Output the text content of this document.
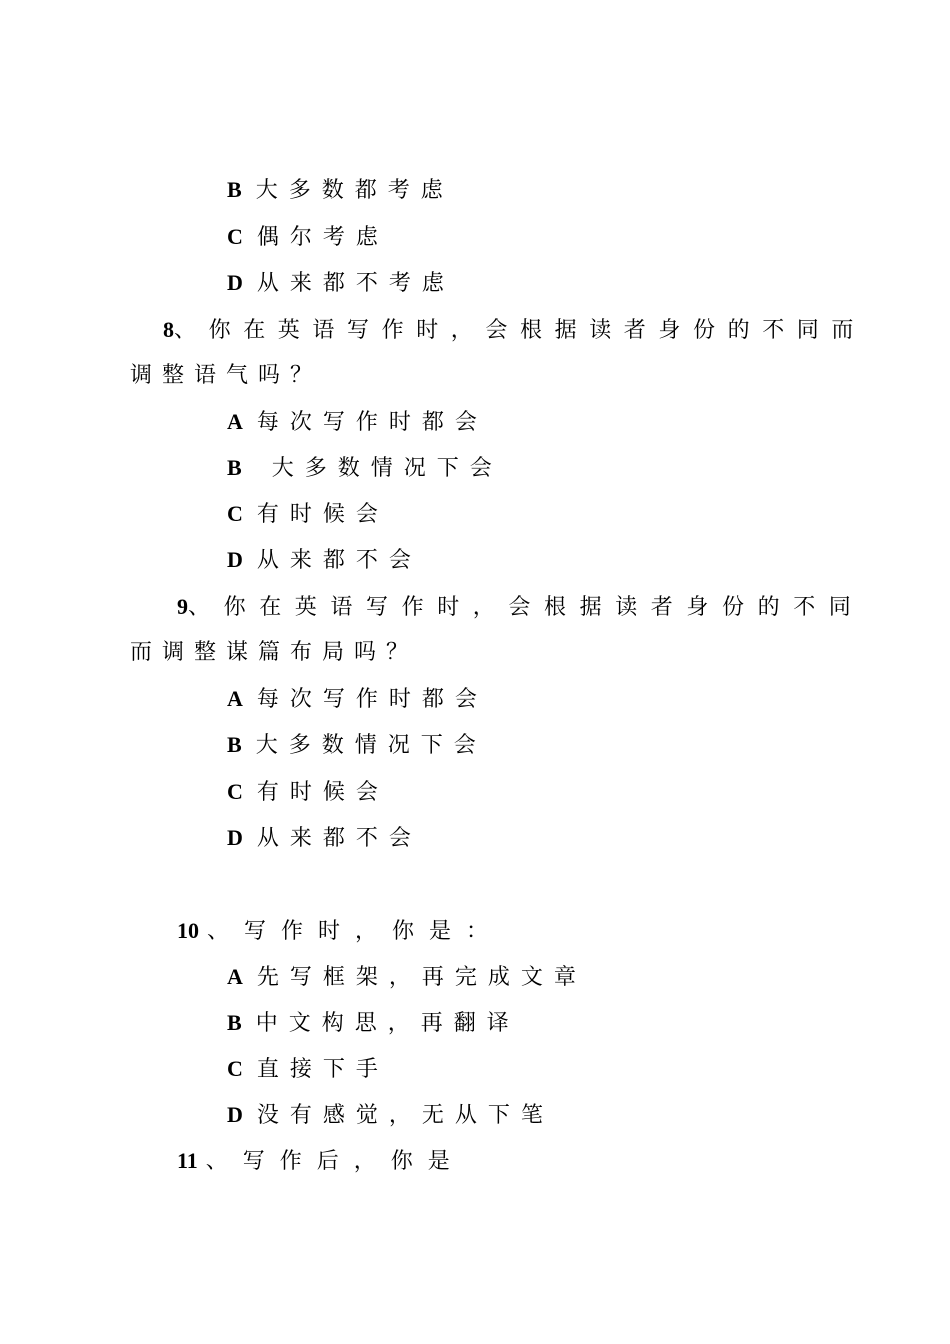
B 大多数都考虑
C 偶尔考虑
D 从来都不考虑
8、你在英语写作时，会根据读者身份的不同而
调整语气吗？
A 每次写作时都会
B 大多数情况下会
C 有时候会
D 从来都不会
9、你在英语写作时，会根据读者身份的不同
而调整谋篇布局吗？
A 每次写作时都会
B 大多数情况下会
C 有时候会
D 从来都不会
10 、写作时，你是：
A 先写框架，再完成文章
B 中文构思，再翻译
C 直接下手
D 没有感觉，无从下笔
11 、写作后，你是
